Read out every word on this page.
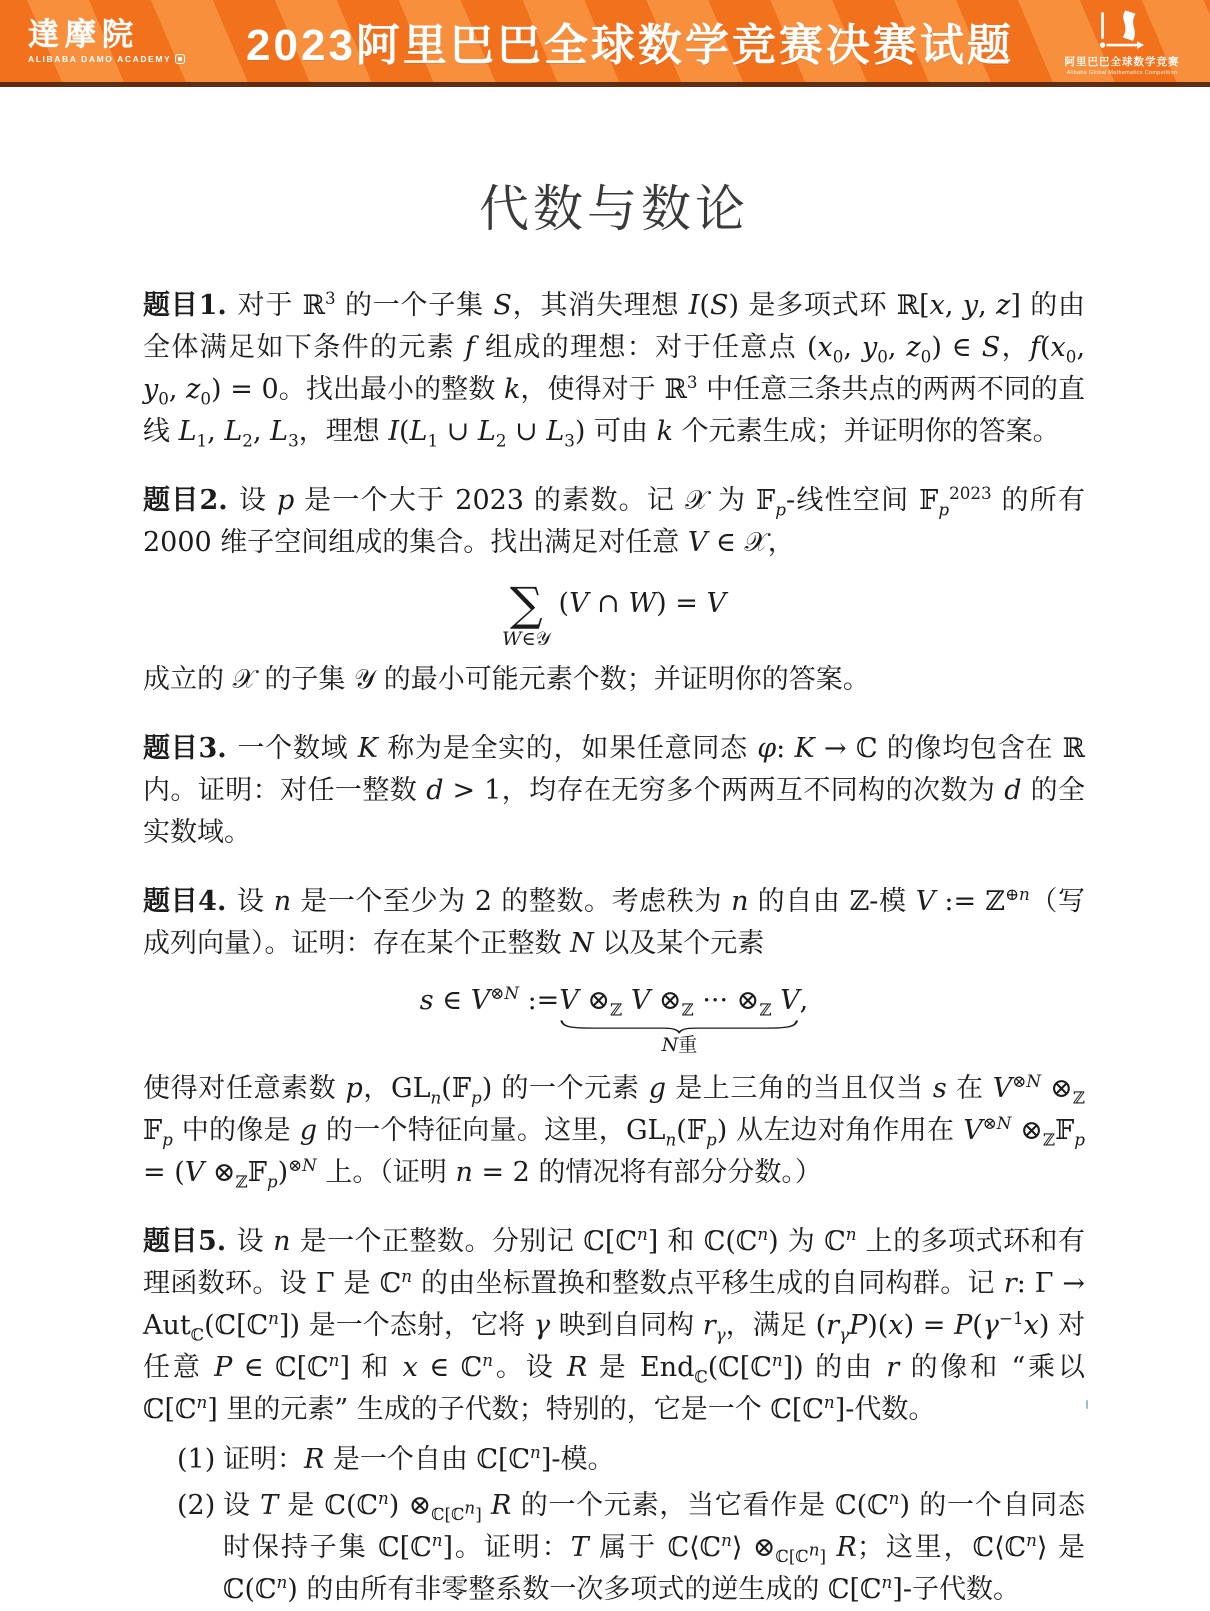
達摩院
ALIBABA DAMO ACADEMY 2023阿里巴巴全球数学竞赛决赛试题	阿里巴巴全球数学竞赛
Alibaba Global Mathematics Competition
代数与数论

题目1. 对于 ℝ$^3$ 的一个子集 S，其消失理想 I(S) 是多项式环 ℝ[x, y, z] 的由全体满足如下条件的元素 f 组成的理想：对于任意点 ($x_0$, $y_0$, $z_0$) ∈ S，$f(x_0$, $y_0$, $z_0) = 0$。找出最小的整数 k，使得对于 ℝ$^3$ 中任意三条共点的两两不同的直线 $L_1$, $L_2$, $L_3$，理想 $I(L_1$ ∪ $L_2$ ∪ $L_3$) 可由 k 个元素生成；并证明你的答案。

题目2. 设 p 是一个大于 2023 的素数。记 𝒳 为 𝔽$_p$-线性空间 𝔽$_p^{2023}$ 的所有 2000 维子空间组成的集合。找出满足对任意 V ∈ 𝒳，

∑
W∈𝒴
(V ∩ W) = V

成立的 𝒳 的子集 𝒴 的最小可能元素个数；并证明你的答案。

题目3. 一个数域 K 称为是全实的，如果任意同态 φ: K → ℂ 的像均包含在 ℝ 内。证明：对任一整数 d > 1，均存在无穷多个两两互不同构的次数为 d 的全实数域。

题目4. 设 n 是一个至少为 2 的整数。考虑秩为 n 的自由 ℤ-模 V := ℤ$^{\oplus n}$（写成列向量）。证明：存在某个正整数 N 以及某个元素

s ∈ $V^{\otimes N}$ := V $\otimes_ℤ$ V $\otimes_ℤ$ ··· $\otimes_ℤ$ V
N重
,

使得对任意素数 p，$GL_n(𝔽_p)$ 的一个元素 g 是上三角的当且仅当 s 在 $V^{\otimes N}$ $\otimes_ℤ$ 𝔽$_p$ 中的像是 g 的一个特征向量。这里，$GL_n(𝔽_p)$ 从左边对角作用在 $V^{\otimes N}$ $\otimes_ℤ𝔽_p = (V$ $\otimes_ℤ𝔽_p)^{\otimes N}$ 上。（证明 n = 2 的情况将有部分分数。）

题目5. 设 n 是一个正整数。分别记 ℂ[ℂ$^n$] 和 ℂ(ℂ$^n$) 为 ℂ$^n$ 上的多项式环和有理函数环。设 Γ 是 ℂ$^n$ 的由坐标置换和整数点平移生成的自同构群。记 r: Γ → Aut$_ℂ$(ℂ[ℂ$^n$]) 是一个态射，它将 γ 映到自同构 $r_\gamma$，满足 $(r_\gamma P)(x) = P(\gamma^{-1}x)$ 对任意 P ∈ ℂ[ℂ$^n$] 和 x ∈ ℂ$^n$。设 R 是 End$_ℂ$(ℂ[ℂ$^n$]) 的由 r 的像和 “乘以 ℂ[ℂ$^n$] 里的元素” 生成的子代数；特别的，它是一个 ℂ[ℂ$^n$]-代数。

(1) 证明：R 是一个自由 ℂ[ℂ$^n$]-模。
(2) 设 T 是 ℂ(ℂ$^n$) $\otimes_{ℂ[ℂ^n]}$ R 的一个元素，当它看作是 ℂ(ℂ$^n$) 的一个自同态时保持子集 ℂ[ℂ$^n$]。证明：T 属于 ℂ⟨ℂ$^n$⟩ $\otimes_{ℂ[ℂ^n]}$ R；这里，ℂ⟨ℂ$^n$⟩ 是 ℂ(ℂ$^n$) 的由所有非零整系数一次多项式的逆生成的 ℂ[ℂ$^n$]-子代数。
